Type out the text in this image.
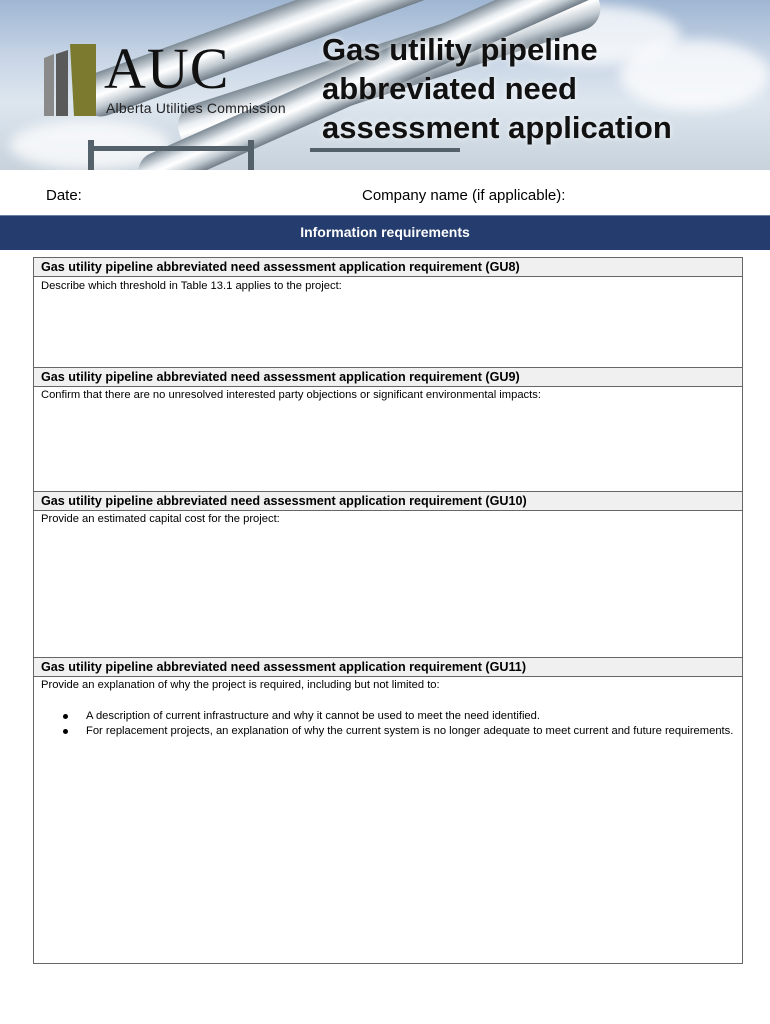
AUC
Alberta Utilities Commission
Gas utility pipeline abbreviated need assessment application
Date:	Company name (if applicable):
Information requirements
Gas utility pipeline abbreviated need assessment application requirement (GU8)
Describe which threshold in Table 13.1 applies to the project:
Gas utility pipeline abbreviated need assessment application requirement (GU9)
Confirm that there are no unresolved interested party objections or significant environmental impacts:
Gas utility pipeline abbreviated need assessment application requirement (GU10)
Provide an estimated capital cost for the project:
Gas utility pipeline abbreviated need assessment application requirement (GU11)
Provide an explanation of why the project is required, including but not limited to:
A description of current infrastructure and why it cannot be used to meet the need identified.
For replacement projects, an explanation of why the current system is no longer adequate to meet current and future requirements.
